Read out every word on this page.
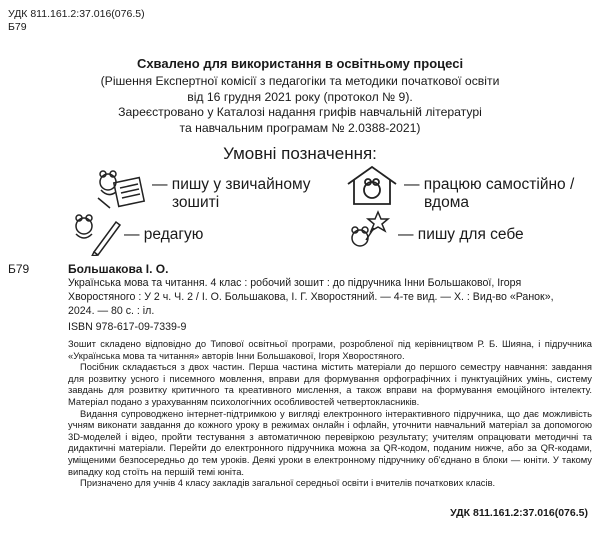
УДК 811.161.2:37.016(076.5)
Б79
Схвалено для використання в освітньому процесі
(Рішення Експертної комісії з педагогіки та методики початкової освіти
від 16 грудня 2021 року (протокол № 9).
Зареєстровано у Каталозі надання грифів навчальній літературі
та навчальним програмам № 2.0388-2021)
Умовні позначення:
— пишу у звичайному
зошиті
— працюю самостійно /
вдома
— редагую	— пишу для себе
Б79	Большакова І. О.
Українська мова та читання. 4 клас : робочий зошит : до підручника Інни Большакової, Ігоря
Хворостяного : У 2 ч. Ч. 2 / І. О. Большакова, І. Г. Хворостяний. — 4-те вид. — Х. : Вид-во «Ранок»,
2024. — 80 с. : іл.
ISBN 978-617-09-7339-9

Зошит складено відповідно до Типової освітньої програми, розробленої під керівництвом Р. Б. Шияна, і підручника «Українська мова та читання» авторів Інни Большакової, Ігоря Хворостяного.

Посібник складається з двох частин. Перша частина містить матеріали до першого семестру навчання: завдання для розвитку усного і писемного мовлення, вправи для формування орфографічних і пунктуаційних умінь, систему завдань для розвитку критичного та креативного мислення, а також вправи на формування емоційного інтелекту. Матеріал подано з урахуванням психологічних особливостей четвертокласників.

Видання супроводжено інтернет-підтримкою у вигляді електронного інтерактивного підручника, що дає можливість учням виконати завдання до кожного уроку в режимах онлайн і офлайн, уточнити навчальний матеріал за допомогою 3D-моделей і відео, пройти тестування з автоматичною перевіркою результату; учителям опрацювати методичні та дидактичні матеріали. Перейти до електронного підручника можна за QR-кодом, поданим нижче, або за QR-кодами, уміщеними безпосередньо до тем уроків. Деякі уроки в електронному підручнику об'єднано в блоки — юніти. У такому випадку код стоїть на першій темі юніта.

Призначено для учнів 4 класу закладів загальної середньої освіти і вчителів початкових класів.

УДК 811.161.2:37.016(076.5)
